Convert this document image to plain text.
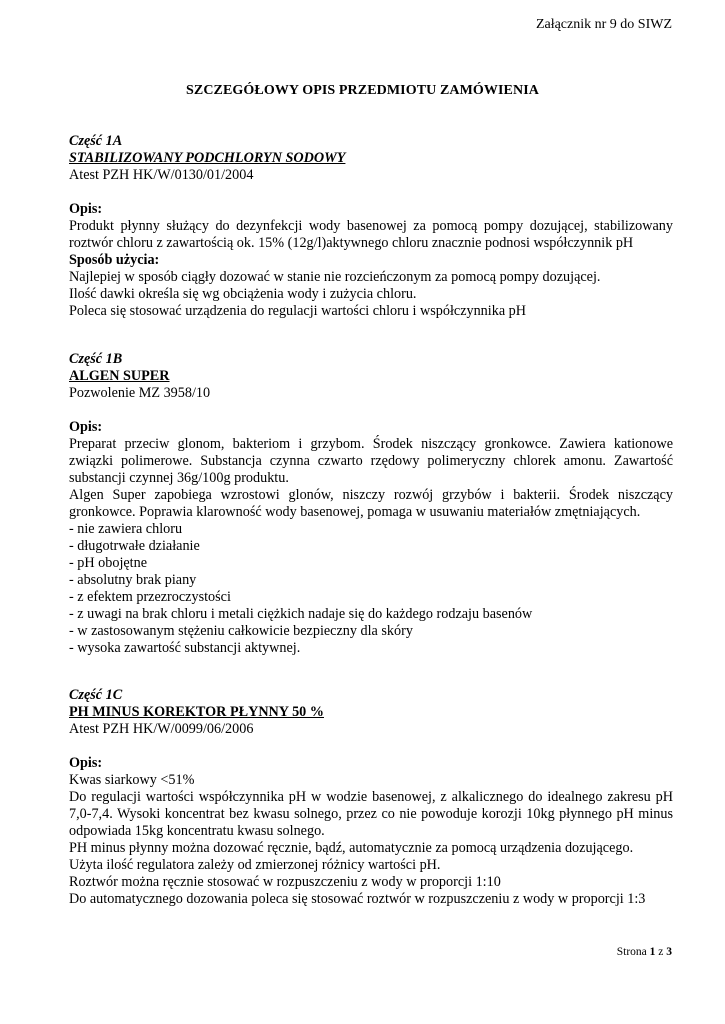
Załącznik nr 9 do SIWZ
SZCZEGÓŁOWY OPIS PRZEDMIOTU ZAMÓWIENIA

Część 1A

STABILIZOWANY PODCHLORYN SODOWY

Atest PZH HK/W/0130/01/2004

Opis:

Produkt płynny służący do dezynfekcji wody basenowej za pomocą pompy dozującej, stabilizowany roztwór chloru z zawartością ok. 15% (12g/l)aktywnego chloru znacznie podnosi współczynnik pH

Sposób użycia:

Najlepiej w sposób ciągły dozować w stanie nie rozcieńczonym za pomocą pompy dozującej.

Ilość dawki określa się wg obciążenia wody i zużycia chloru.

Poleca się stosować urządzenia do regulacji wartości chloru i współczynnika pH

Część 1B

ALGEN SUPER

Pozwolenie MZ 3958/10

Opis:

Preparat przeciw glonom, bakteriom i grzybom. Środek niszczący gronkowce. Zawiera kationowe związki polimerowe. Substancja czynna czwarto rzędowy polimeryczny chlorek amonu. Zawartość substancji czynnej 36g/100g produktu.

Algen Super zapobiega wzrostowi glonów, niszczy rozwój grzybów i bakterii. Środek niszczący gronkowce. Poprawia klarowność wody basenowej, pomaga w usuwaniu materiałów zmętniających.

- nie zawiera chloru

- długotrwałe działanie

- pH obojętne

- absolutny brak piany

- z efektem przezroczystości

- z uwagi na brak chloru i metali ciężkich nadaje się do każdego rodzaju basenów

- w zastosowanym stężeniu całkowicie bezpieczny dla skóry

- wysoka zawartość substancji aktywnej.

Część 1C

PH MINUS KOREKTOR PŁYNNY 50 %

Atest PZH HK/W/0099/06/2006

Opis:

Kwas siarkowy <51%

Do regulacji wartości współczynnika pH w wodzie basenowej, z alkalicznego do idealnego zakresu pH 7,0-7,4. Wysoki koncentrat bez kwasu solnego, przez co nie powoduje korozji 10kg płynnego pH minus odpowiada 15kg koncentratu kwasu solnego.

PH minus płynny można dozować ręcznie, bądź, automatycznie za pomocą urządzenia dozującego.

Użyta ilość regulatora zależy od zmierzonej różnicy wartości pH.

Roztwór można ręcznie stosować w rozpuszczeniu z wody w proporcji 1:10

Do automatycznego dozowania poleca się stosować roztwór w rozpuszczeniu z wody w proporcji 1:3

Strona 1 z 3
